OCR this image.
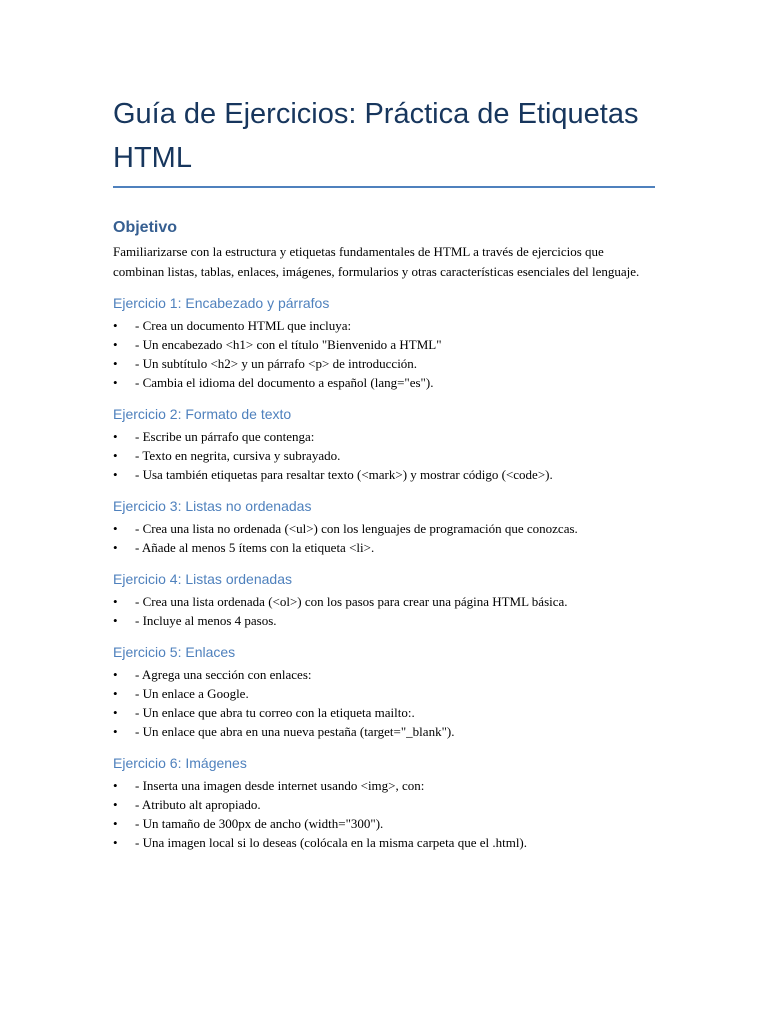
Guía de Ejercicios: Práctica de Etiquetas HTML
Objetivo

Familiarizarse con la estructura y etiquetas fundamentales de HTML a través de ejercicios que combinan listas, tablas, enlaces, imágenes, formularios y otras características esenciales del lenguaje.

Ejercicio 1: Encabezado y párrafos
• - Crea un documento HTML que incluya:
• - Un encabezado <h1> con el título "Bienvenido a HTML"
• - Un subtítulo <h2> y un párrafo <p> de introducción.
• - Cambia el idioma del documento a español (lang="es").
Ejercicio 2: Formato de texto
• - Escribe un párrafo que contenga:
• - Texto en negrita, cursiva y subrayado.
• - Usa también etiquetas para resaltar texto (<mark>) y mostrar código (<code>).
Ejercicio 3: Listas no ordenadas
• - Crea una lista no ordenada (<ul>) con los lenguajes de programación que conozcas.
• - Añade al menos 5 ítems con la etiqueta <li>.
Ejercicio 4: Listas ordenadas
• - Crea una lista ordenada (<ol>) con los pasos para crear una página HTML básica.
• - Incluye al menos 4 pasos.
Ejercicio 5: Enlaces
• - Agrega una sección con enlaces:
• - Un enlace a Google.
• - Un enlace que abra tu correo con la etiqueta mailto:.
• - Un enlace que abra en una nueva pestaña (target="_blank").
Ejercicio 6: Imágenes
• - Inserta una imagen desde internet usando <img>, con:
• - Atributo alt apropiado.
• - Un tamaño de 300px de ancho (width="300").
• - Una imagen local si lo deseas (colócala en la misma carpeta que el .html).
